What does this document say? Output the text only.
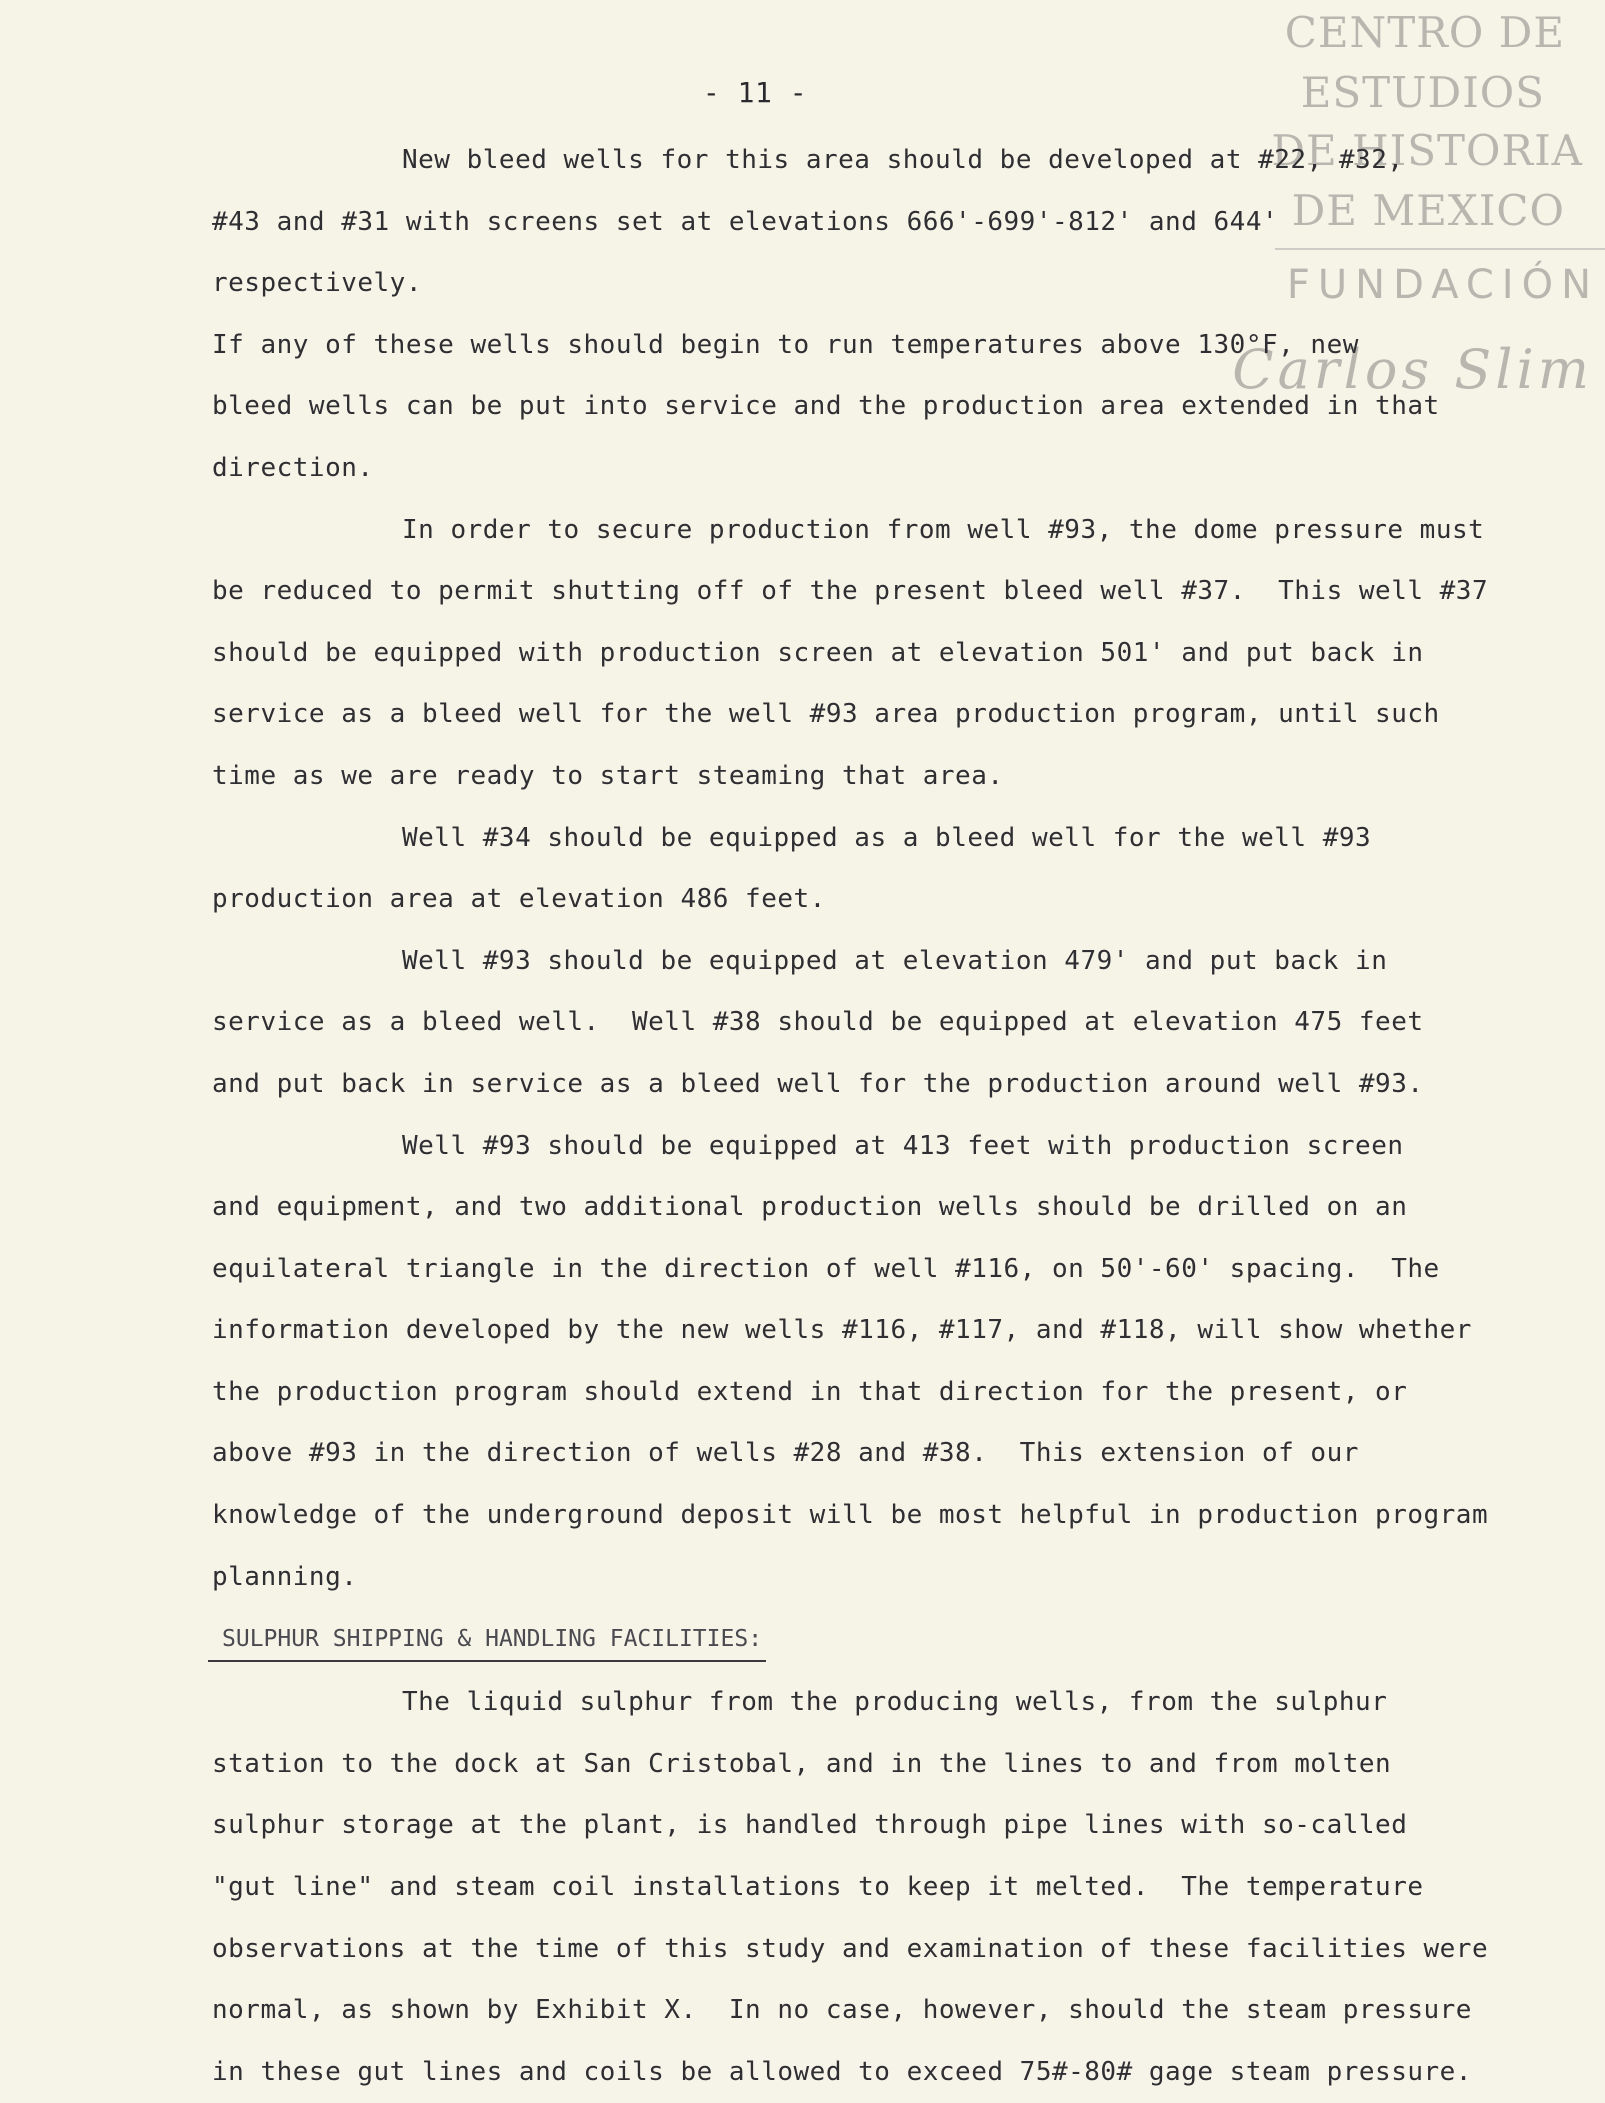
CENTRO DE
ESTUDIOS
DE HISTORIA
DE MEXICO
FUNDACIÓN
Carlos Slim
- 11 -

New bleed wells for this area should be developed at #22, #32,
#43 and #31 with screens set at elevations 666'-699'-812' and 644' respectively.
If any of these wells should begin to run temperatures above 130°F, new
bleed wells can be put into service and the production area extended in that
direction.

In order to secure production from well #93, the dome pressure must
be reduced to permit shutting off of the present bleed well #37.  This well #37
should be equipped with production screen at elevation 501' and put back in
service as a bleed well for the well #93 area production program, until such
time as we are ready to start steaming that area.

Well #34 should be equipped as a bleed well for the well #93
production area at elevation 486 feet.

Well #93 should be equipped at elevation 479' and put back in
service as a bleed well.  Well #38 should be equipped at elevation 475 feet
and put back in service as a bleed well for the production around well #93.

Well #93 should be equipped at 413 feet with production screen
and equipment, and two additional production wells should be drilled on an
equilateral triangle in the direction of well #116, on 50'-60' spacing.  The
information developed by the new wells #116, #117, and #118, will show whether
the production program should extend in that direction for the present, or
above #93 in the direction of wells #28 and #38.  This extension of our
knowledge of the underground deposit will be most helpful in production program
planning.

SULPHUR SHIPPING & HANDLING FACILITIES:

The liquid sulphur from the producing wells, from the sulphur
station to the dock at San Cristobal, and in the lines to and from molten
sulphur storage at the plant, is handled through pipe lines with so-called
"gut line" and steam coil installations to keep it melted.  The temperature
observations at the time of this study and examination of these facilities were
normal, as shown by Exhibit X.  In no case, however, should the steam pressure
in these gut lines and coils be allowed to exceed 75#-80# gage steam pressure.
